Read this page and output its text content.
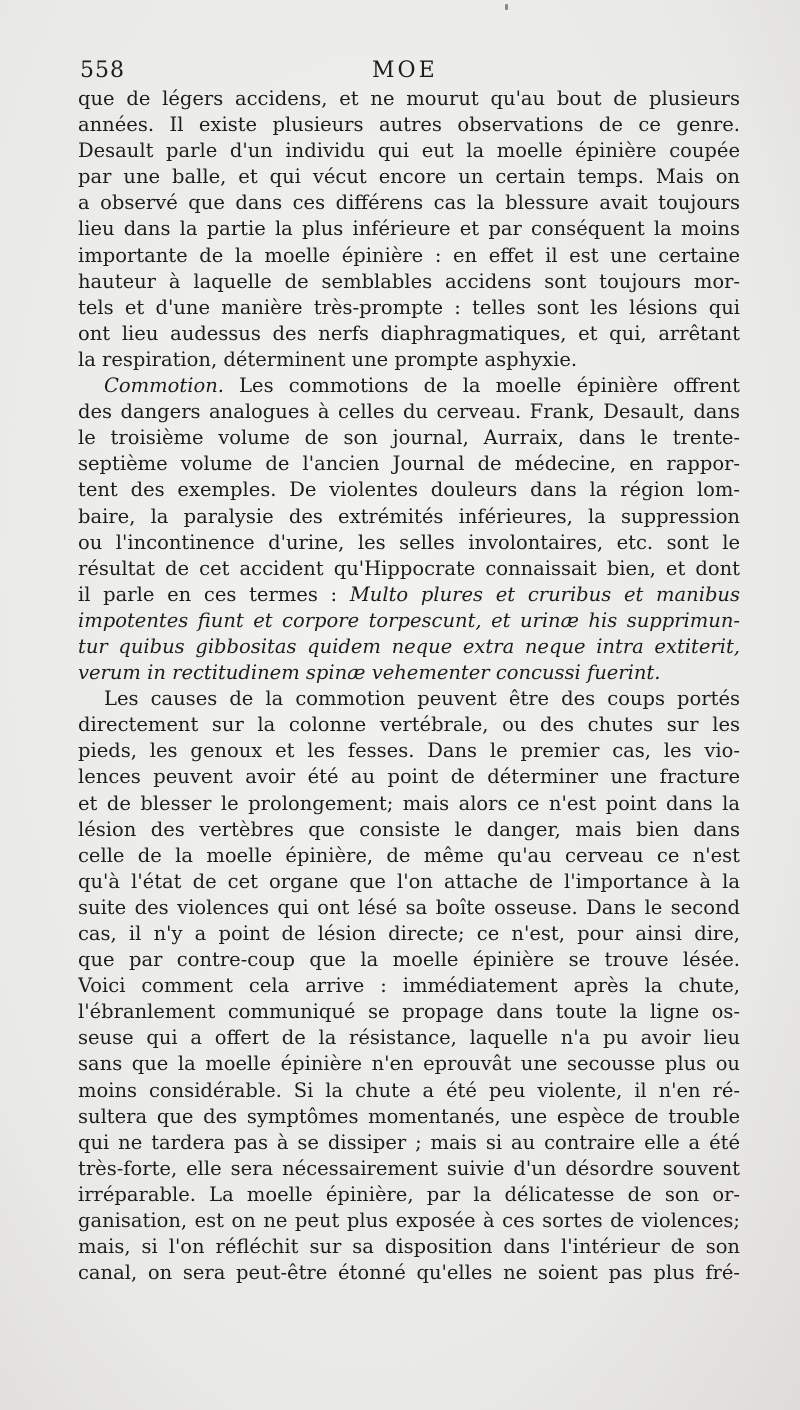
558	MOE
que de légers accidens, et ne mourut qu'au bout de plusieurs
années. Il existe plusieurs autres observations de ce genre.
Desault parle d'un individu qui eut la moelle épinière coupée
par une balle, et qui vécut encore un certain temps. Mais on
a observé que dans ces différens cas la blessure avait toujours
lieu dans la partie la plus inférieure et par conséquent la moins
importante de la moelle épinière : en effet il est une certaine
hauteur à laquelle de semblables accidens sont toujours mor-
tels et d'une manière très-prompte : telles sont les lésions qui
ont lieu audessus des nerfs diaphragmatiques, et qui, arrêtant
la respiration, déterminent une prompte asphyxie.
Commotion. Les commotions de la moelle épinière offrent
des dangers analogues à celles du cerveau. Frank, Desault, dans
le troisième volume de son journal, Aurraix, dans le trente-
septième volume de l'ancien Journal de médecine, en rappor-
tent des exemples. De violentes douleurs dans la région lom-
baire, la paralysie des extrémités inférieures, la suppression
ou l'incontinence d'urine, les selles involontaires, etc. sont le
résultat de cet accident qu'Hippocrate connaissait bien, et dont
il parle en ces termes : Multo plures et cruribus et manibus
impotentes fiunt et corpore torpescunt, et urinæ his supprimun-
tur quibus gibbositas quidem neque extra neque intra extiterit,
verum in rectitudinem spinæ vehementer concussi fuerint.
Les causes de la commotion peuvent être des coups portés
directement sur la colonne vertébrale, ou des chutes sur les
pieds, les genoux et les fesses. Dans le premier cas, les vio-
lences peuvent avoir été au point de déterminer une fracture
et de blesser le prolongement; mais alors ce n'est point dans la
lésion des vertèbres que consiste le danger, mais bien dans
celle de la moelle épinière, de même qu'au cerveau ce n'est
qu'à l'état de cet organe que l'on attache de l'importance à la
suite des violences qui ont lésé sa boîte osseuse. Dans le second
cas, il n'y a point de lésion directe; ce n'est, pour ainsi dire,
que par contre-coup que la moelle épinière se trouve lésée.
Voici comment cela arrive : immédiatement après la chute,
l'ébranlement communiqué se propage dans toute la ligne os-
seuse qui a offert de la résistance, laquelle n'a pu avoir lieu
sans que la moelle épinière n'en eprouvât une secousse plus ou
moins considérable. Si la chute a été peu violente, il n'en ré-
sultera que des symptômes momentanés, une espèce de trouble
qui ne tardera pas à se dissiper ; mais si au contraire elle a été
très-forte, elle sera nécessairement suivie d'un désordre souvent
irréparable. La moelle épinière, par la délicatesse de son or-
ganisation, est on ne peut plus exposée à ces sortes de violences;
mais, si l'on réfléchit sur sa disposition dans l'intérieur de son
canal, on sera peut-être étonné qu'elles ne soient pas plus fré-
